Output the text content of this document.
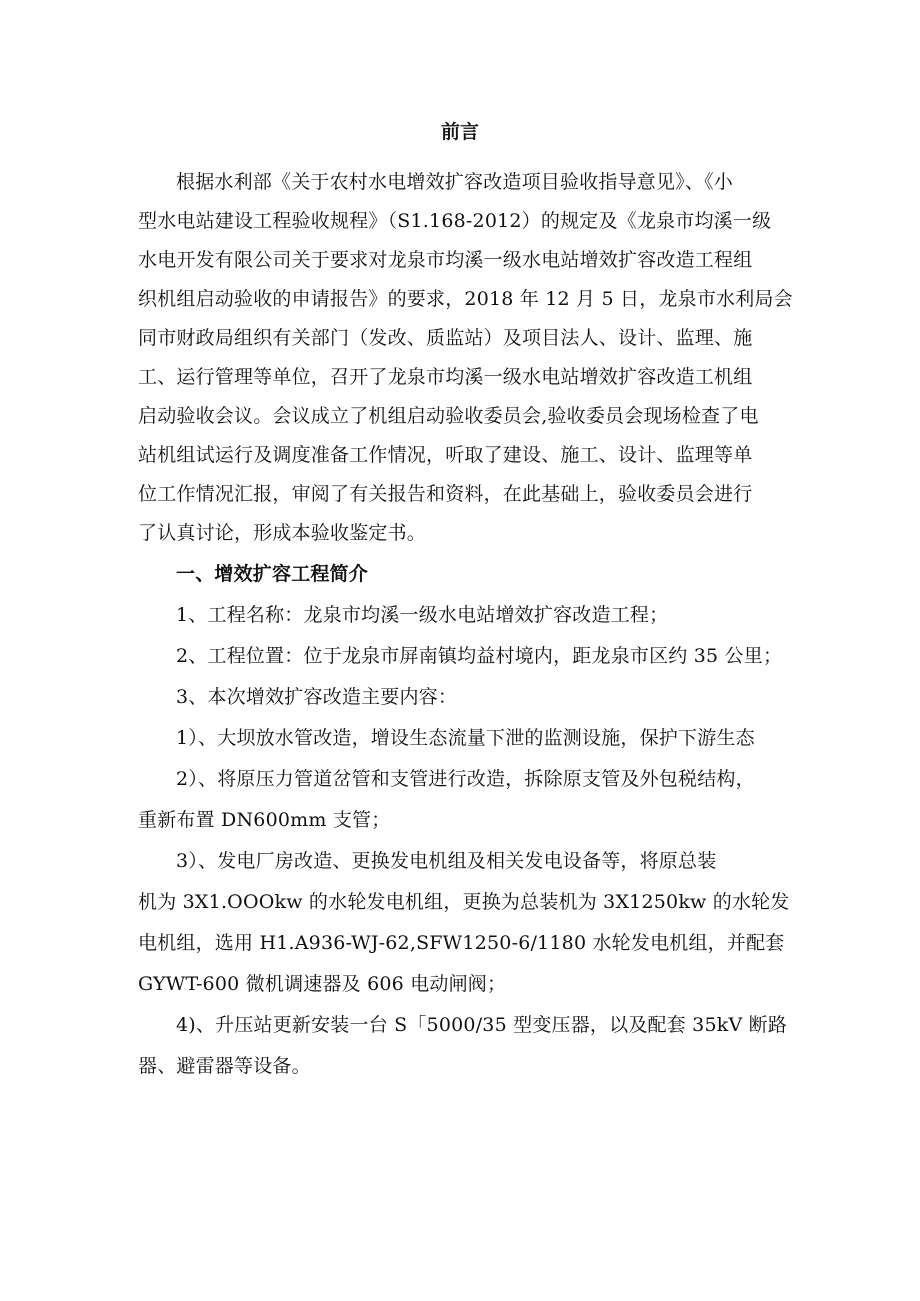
前言
根据水利部《关于农村水电增效扩容改造项目验收指导意见》、《小
型水电站建设工程验收规程》（S1.168-2012）的规定及《龙泉市均溪一级
水电开发有限公司关于要求对龙泉市均溪一级水电站增效扩容改造工程组
织机组启动验收的申请报告》的要求，2018 年 12 月 5 日，龙泉市水利局会
同市财政局组织有关部门（发改、质监站）及项目法人、设计、监理、施
工、运行管理等单位，召开了龙泉市均溪一级水电站增效扩容改造工机组
启动验收会议。会议成立了机组启动验收委员会,验收委员会现场检查了电
站机组试运行及调度准备工作情况，听取了建设、施工、设计、监理等单
位工作情况汇报，审阅了有关报告和资料，在此基础上，验收委员会进行
了认真讨论，形成本验收鉴定书。
一、增效扩容工程简介
1、工程名称：龙泉市均溪一级水电站增效扩容改造工程；
2、工程位置：位于龙泉市屏南镇均益村境内，距龙泉市区约 35 公里；
3、本次增效扩容改造主要内容：
1）、大坝放水管改造，增设生态流量下泄的监测设施，保护下游生态
2）、将原压力管道岔管和支管进行改造，拆除原支管及外包税结构，
重新布置 DN600mm 支管；
3）、发电厂房改造、更换发电机组及相关发电设备等，将原总装
机为 3X1.OOOkw 的水轮发电机组，更换为总装机为 3X1250kw 的水轮发
电机组，选用 H1.A936-WJ-62,SFW1250-6/1180 水轮发电机组，并配套
GYWT-600 微机调速器及 606 电动闸阀；
4)、升压站更新安装一台 S「5000/35 型变压器，以及配套 35kV 断路
器、避雷器等设备。
